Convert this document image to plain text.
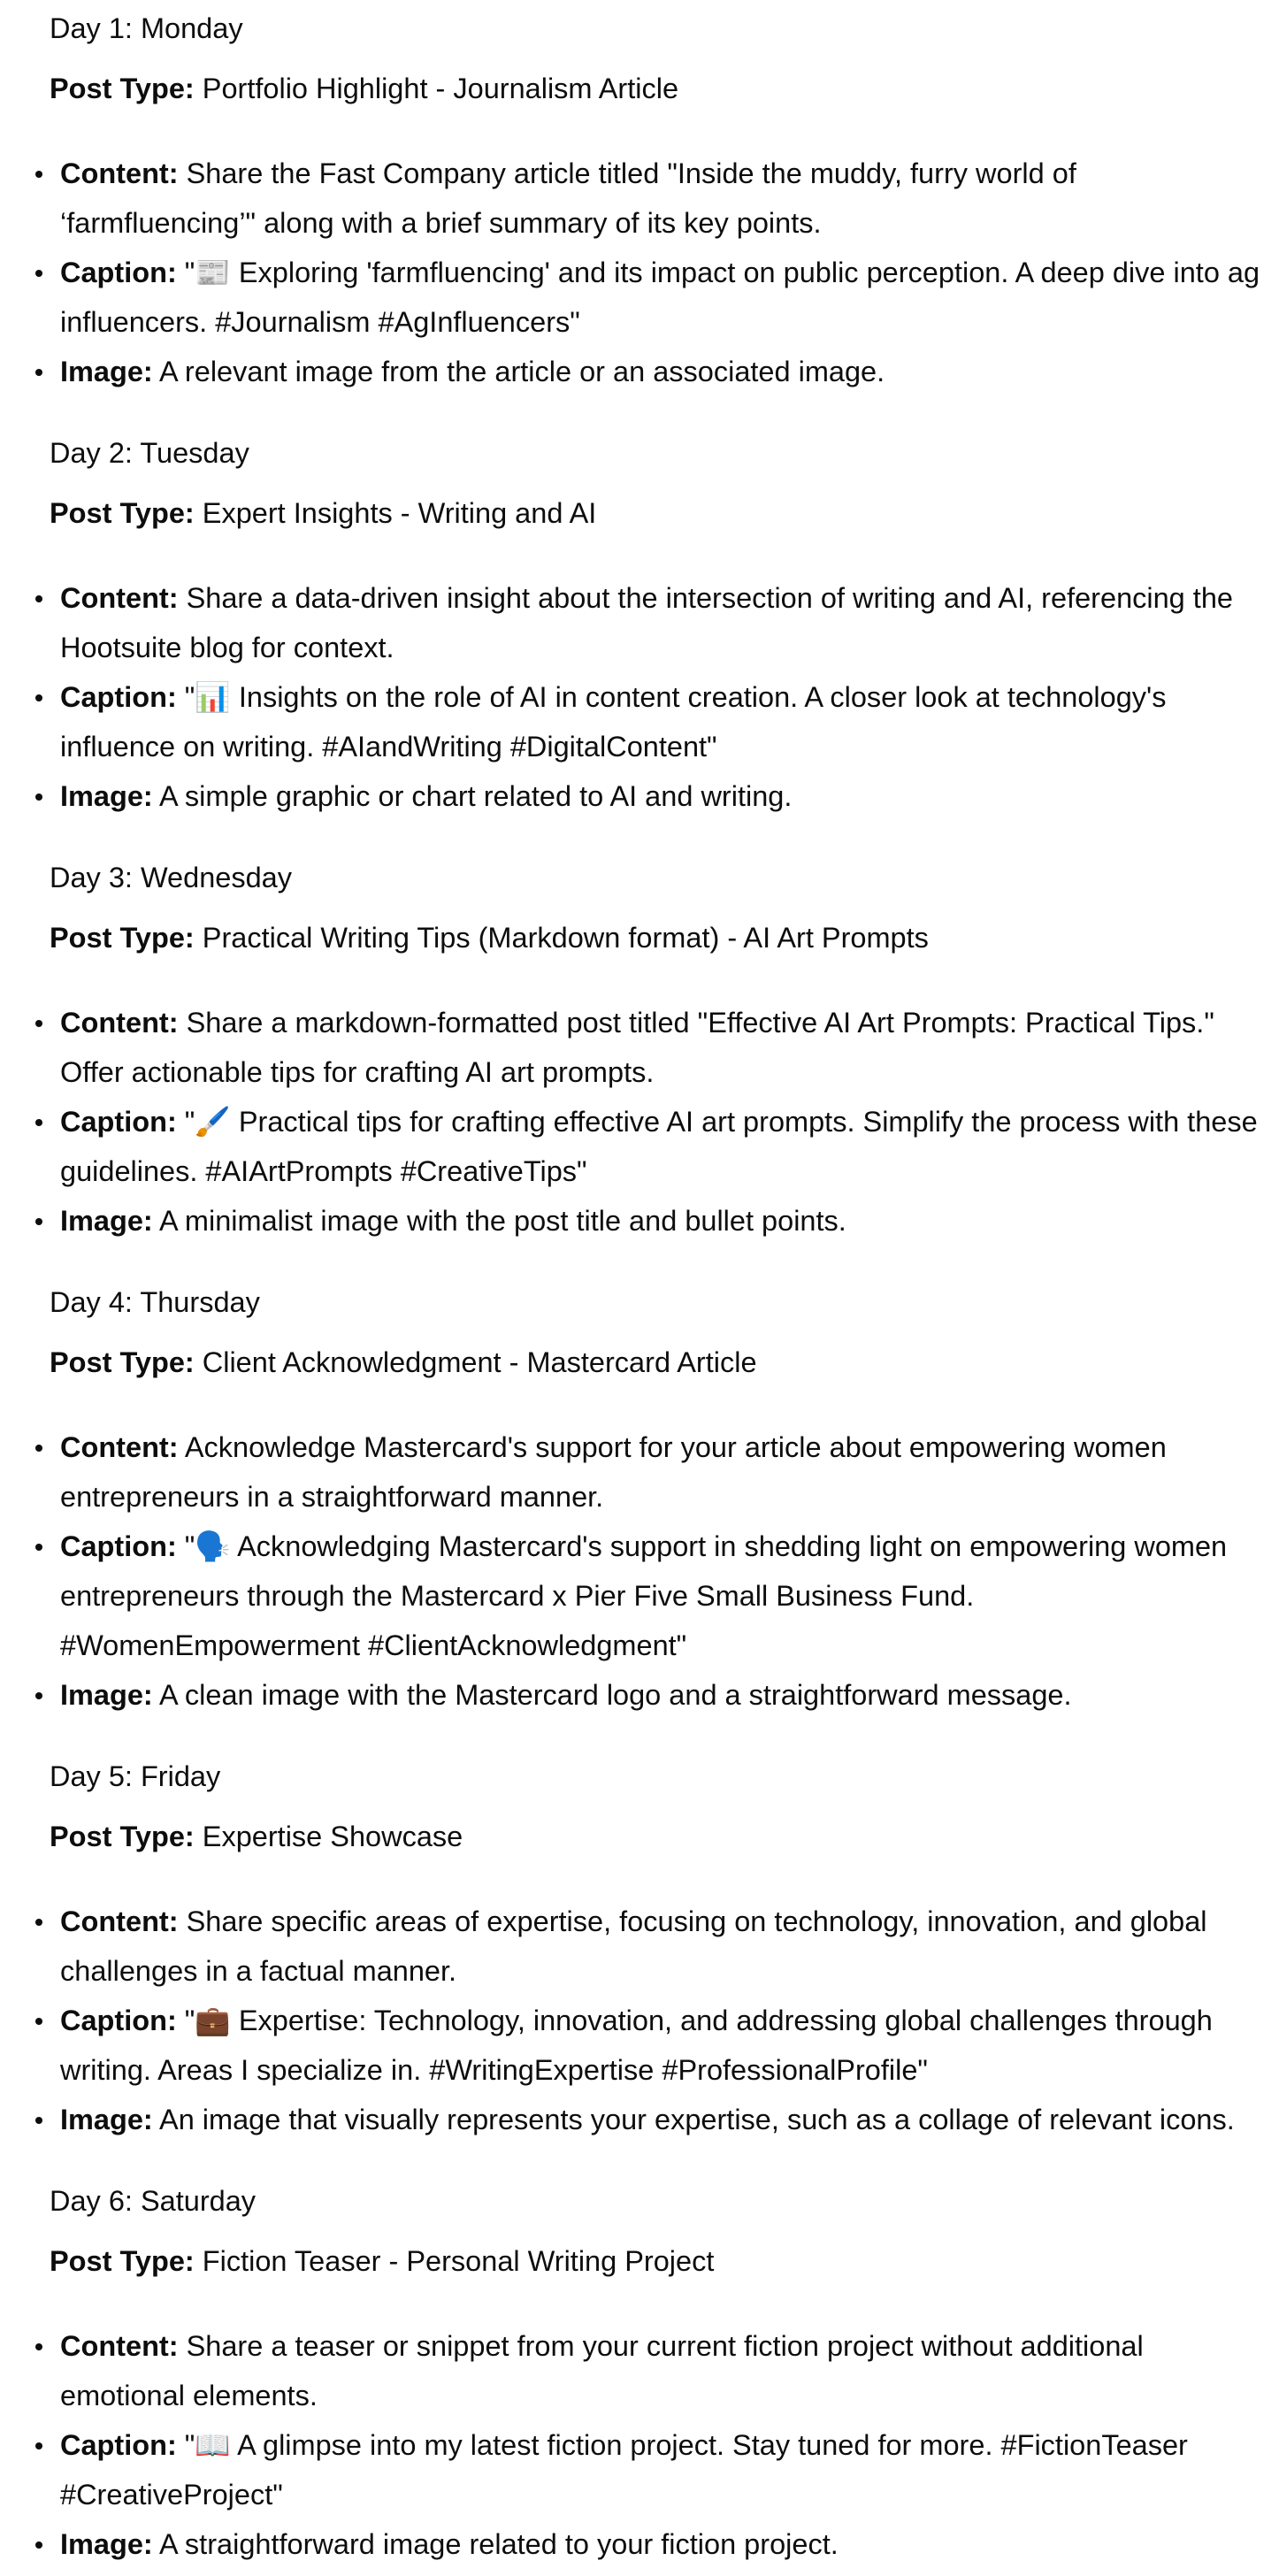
Day 1: Monday

Post Type: Portfolio Highlight - Journalism Article

Content: Share the Fast Company article titled "Inside the muddy, furry world of ‘farmfluencing’" along with a brief summary of its key points.
Caption: "📰 Exploring 'farmfluencing' and its impact on public perception. A deep dive into ag influencers. #Journalism #AgInfluencers"
Image: A relevant image from the article or an associated image.
Day 2: Tuesday

Post Type: Expert Insights - Writing and AI

Content: Share a data-driven insight about the intersection of writing and AI, referencing the Hootsuite blog for context.
Caption: "📊 Insights on the role of AI in content creation. A closer look at technology's influence on writing. #AIandWriting #DigitalContent"
Image: A simple graphic or chart related to AI and writing.
Day 3: Wednesday

Post Type: Practical Writing Tips (Markdown format) - AI Art Prompts

Content: Share a markdown-formatted post titled "Effective AI Art Prompts: Practical Tips." Offer actionable tips for crafting AI art prompts.
Caption: "🖌️ Practical tips for crafting effective AI art prompts. Simplify the process with these guidelines. #AIArtPrompts #CreativeTips"
Image: A minimalist image with the post title and bullet points.
Day 4: Thursday

Post Type: Client Acknowledgment - Mastercard Article

Content: Acknowledge Mastercard's support for your article about empowering women entrepreneurs in a straightforward manner.
Caption: "🗣️ Acknowledging Mastercard's support in shedding light on empowering women entrepreneurs through the Mastercard x Pier Five Small Business Fund. #WomenEmpowerment #ClientAcknowledgment"
Image: A clean image with the Mastercard logo and a straightforward message.
Day 5: Friday

Post Type: Expertise Showcase

Content: Share specific areas of expertise, focusing on technology, innovation, and global challenges in a factual manner.
Caption: "💼 Expertise: Technology, innovation, and addressing global challenges through writing. Areas I specialize in. #WritingExpertise #ProfessionalProfile"
Image: An image that visually represents your expertise, such as a collage of relevant icons.
Day 6: Saturday

Post Type: Fiction Teaser - Personal Writing Project

Content: Share a teaser or snippet from your current fiction project without additional emotional elements.
Caption: "📖 A glimpse into my latest fiction project. Stay tuned for more. #FictionTeaser #CreativeProject"
Image: A straightforward image related to your fiction project.
